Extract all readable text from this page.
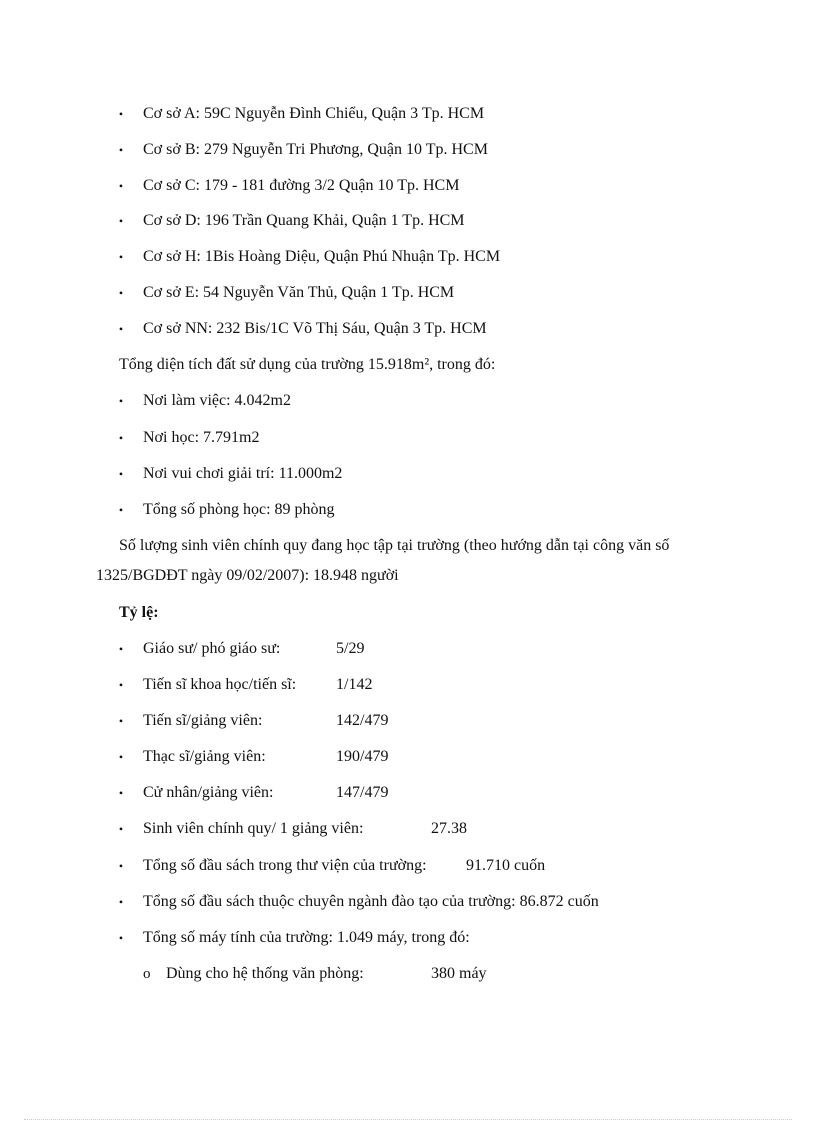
• Cơ sở A: 59C Nguyễn Đình Chiểu, Quận 3 Tp. HCM
• Cơ sở B: 279 Nguyễn Tri Phương, Quận 10 Tp. HCM
• Cơ sở C: 179 - 181 đường 3/2 Quận 10 Tp. HCM
• Cơ sở D: 196 Trần Quang Khải, Quận 1 Tp. HCM
• Cơ sở H: 1Bis Hoàng Diệu, Quận Phú Nhuận Tp. HCM
• Cơ sở E: 54 Nguyễn Văn Thủ, Quận 1 Tp. HCM
• Cơ sở NN: 232 Bis/1C Võ Thị Sáu, Quận 3 Tp. HCM
Tổng diện tích đất sử dụng của trường 15.918m², trong đó:
• Nơi làm việc: 4.042m2
• Nơi học: 7.791m2
• Nơi vui chơi giải trí: 11.000m2
• Tổng số phòng học: 89 phòng
Số lượng sinh viên chính quy đang học tập tại trường (theo hướng dẫn tại công văn số
1325/BGDĐT ngày 09/02/2007): 18.948 người
Tỷ lệ:
• Giáo sư/ phó giáo sư:	5/29
• Tiến sĩ khoa học/tiến sĩ: 1/142
• Tiến sĩ/giảng viên:	142/479
• Thạc sĩ/giảng viên:	190/479
• Cử nhân/giảng viên:	147/479
• Sinh viên chính quy/ 1 giảng viên:	27.38
• Tổng số đầu sách trong thư viện của trường: 91.710 cuốn
• Tổng số đầu sách thuộc chuyên ngành đào tạo của trường: 86.872 cuốn
• Tổng số máy tính của trường: 1.049 máy, trong đó:
o Dùng cho hệ thống văn phòng:	380 máy
